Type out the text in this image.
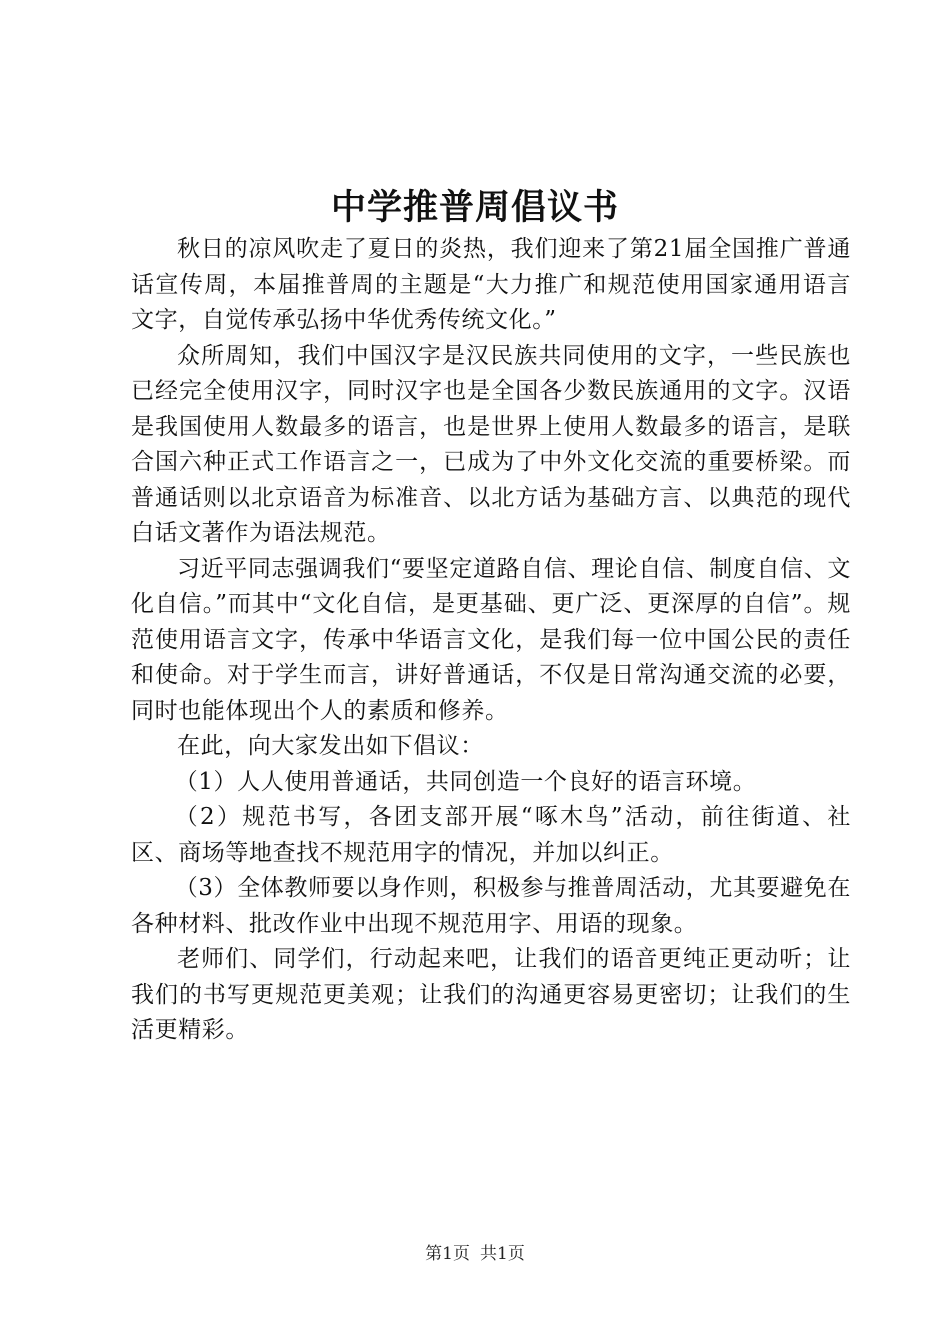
中学推普周倡议书

秋日的凉风吹走了夏日的炎热，我们迎来了第21届全国推广普通话宣传周，本届推普周的主题是“大力推广和规范使用国家通用语言文字，自觉传承弘扬中华优秀传统文化。”

众所周知，我们中国汉字是汉民族共同使用的文字，一些民族也已经完全使用汉字，同时汉字也是全国各少数民族通用的文字。汉语是我国使用人数最多的语言，也是世界上使用人数最多的语言，是联合国六种正式工作语言之一，已成为了中外文化交流的重要桥梁。而普通话则以北京语音为标准音、以北方话为基础方言、以典范的现代白话文著作为语法规范。

习近平同志强调我们“要坚定道路自信、理论自信、制度自信、文化自信。”而其中“文化自信，是更基础、更广泛、更深厚的自信”。规范使用语言文字，传承中华语言文化，是我们每一位中国公民的责任和使命。对于学生而言，讲好普通话，不仅是日常沟通交流的必要，同时也能体现出个人的素质和修养。

在此，向大家发出如下倡议：

（1）人人使用普通话，共同创造一个良好的语言环境。

（2）规范书写，各团支部开展“啄木鸟”活动，前往街道、社区、商场等地查找不规范用字的情况，并加以纠正。

（3）全体教师要以身作则，积极参与推普周活动，尤其要避免在各种材料、批改作业中出现不规范用字、用语的现象。

老师们、同学们，行动起来吧，让我们的语音更纯正更动听；让我们的书写更规范更美观；让我们的沟通更容易更密切；让我们的生活更精彩。

第1页 共1页
